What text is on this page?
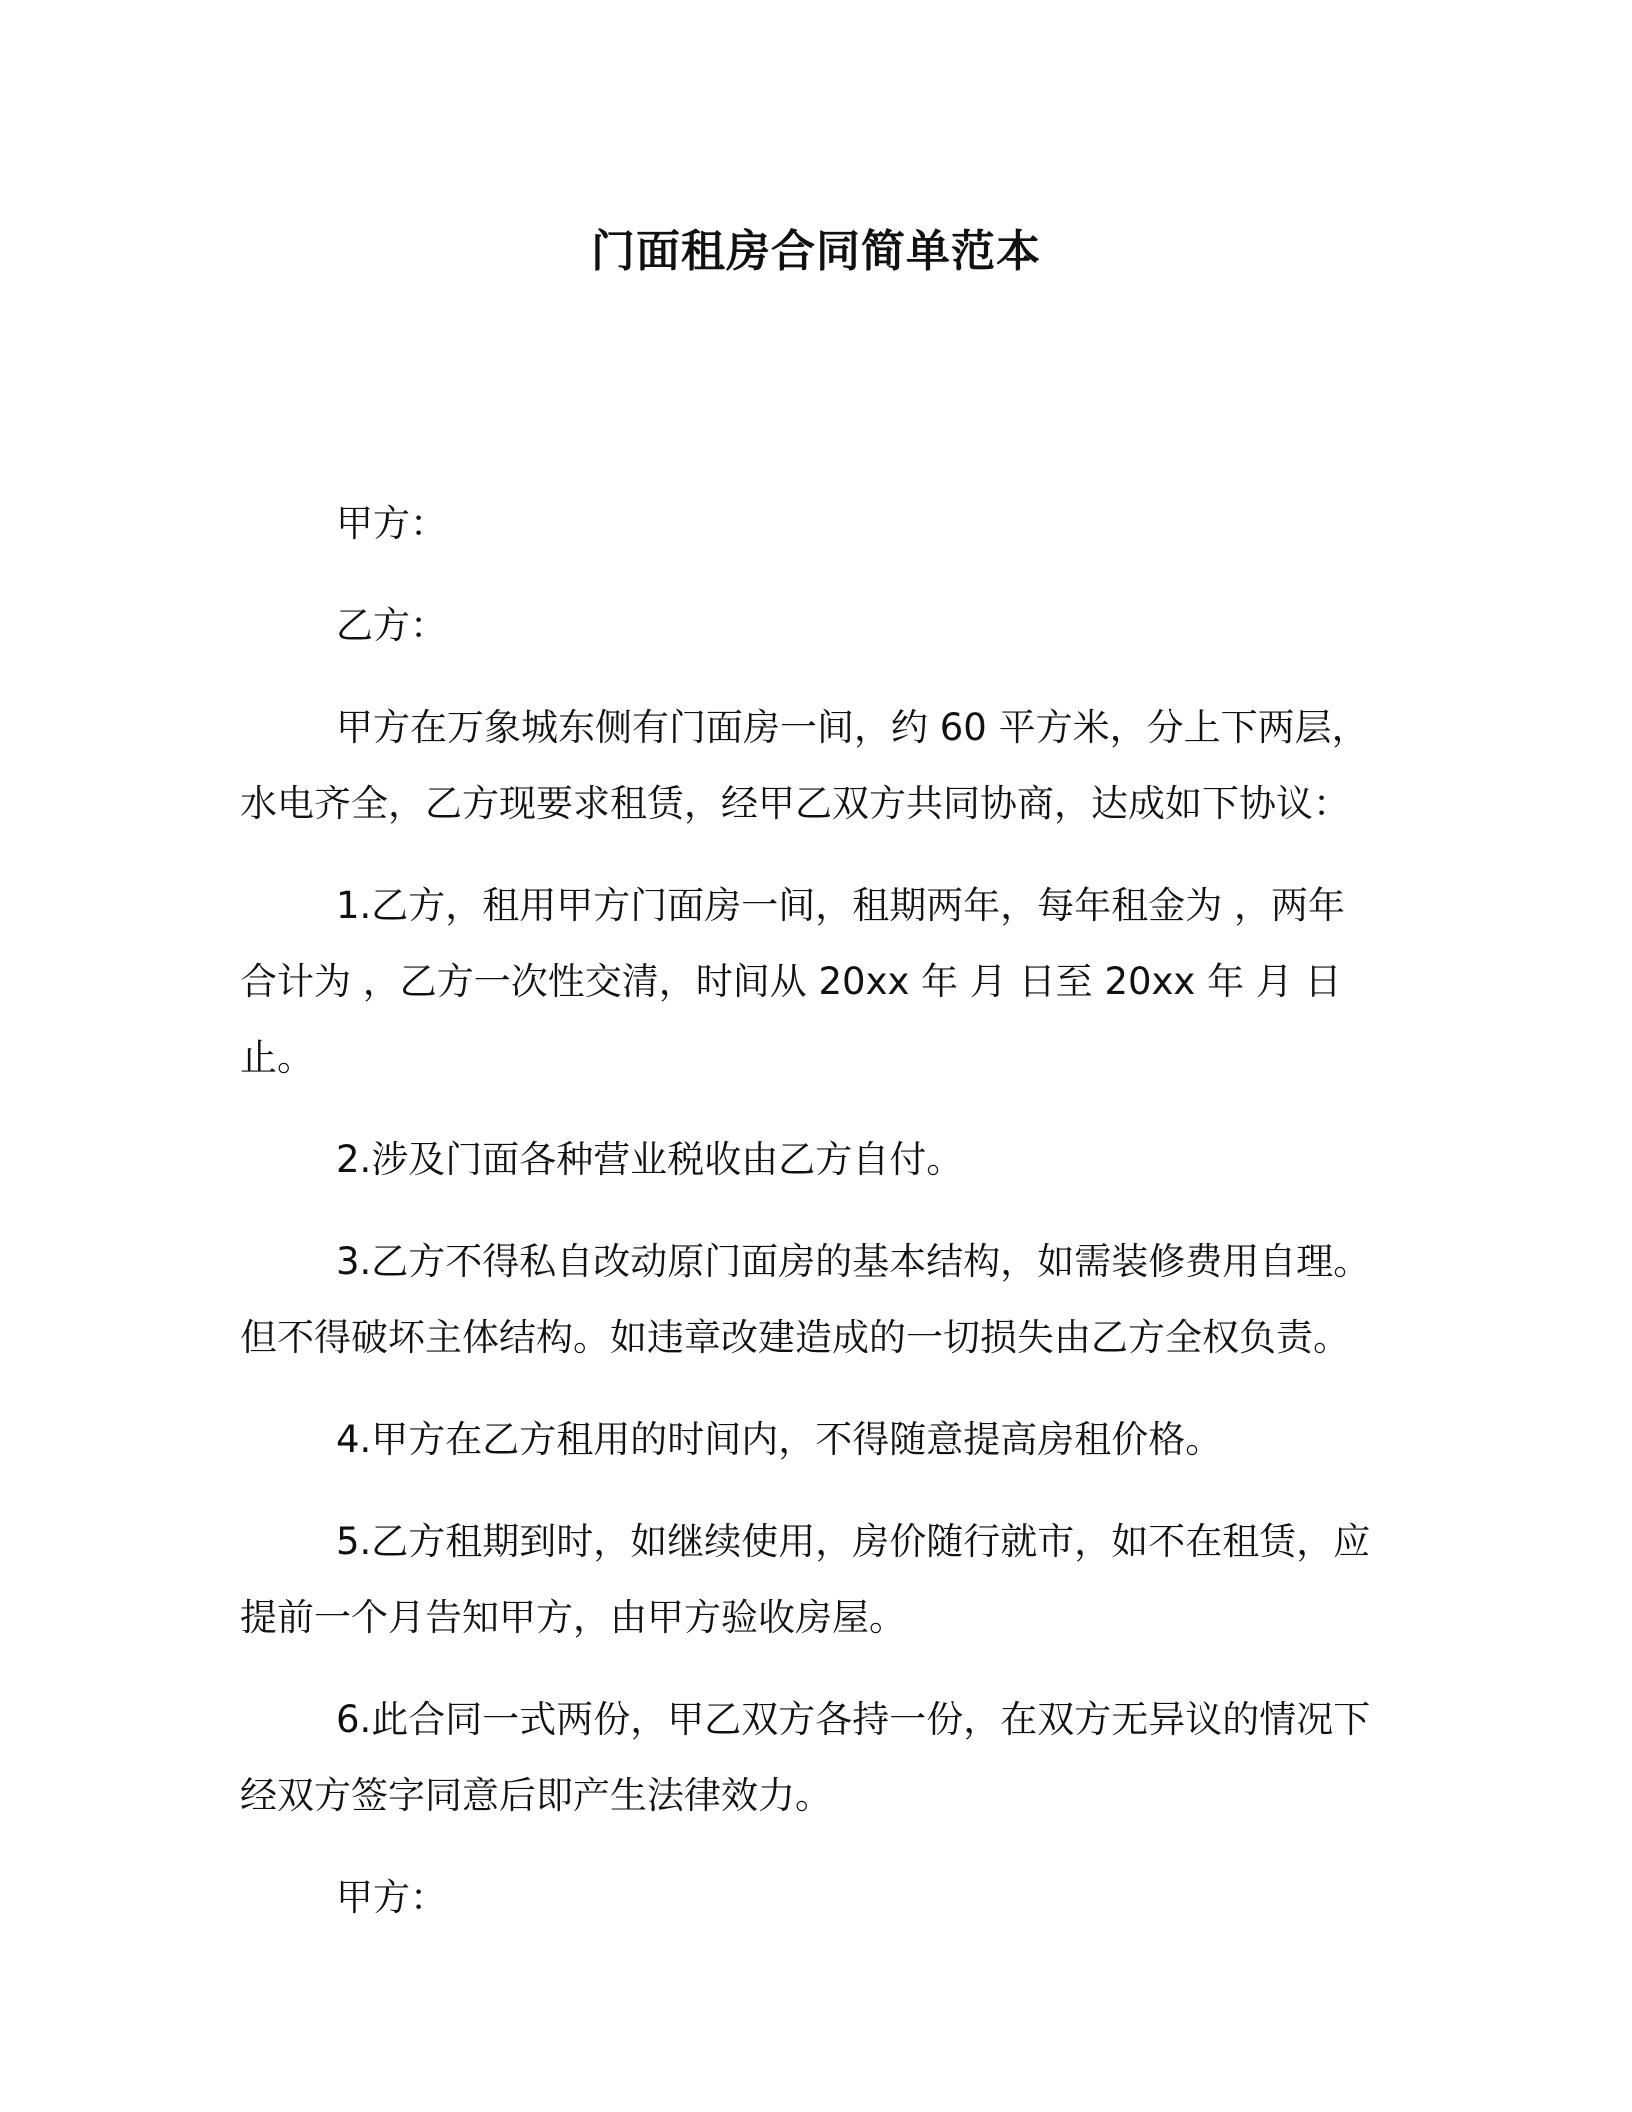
门面租房合同简单范本

甲方：

乙方：

甲方在万象城东侧有门面房一间，约 60 平方米，分上下两层，水电齐全，乙方现要求租赁，经甲乙双方共同协商，达成如下协议：

1.乙方，租用甲方门面房一间，租期两年，每年租金为 ，两年合计为 ，乙方一次性交清，时间从 20xx 年 月 日至 20xx 年 月 日止。

2.涉及门面各种营业税收由乙方自付。

3.乙方不得私自改动原门面房的基本结构，如需装修费用自理。但不得破坏主体结构。如违章改建造成的一切损失由乙方全权负责。

4.甲方在乙方租用的时间内，不得随意提高房租价格。

5.乙方租期到时，如继续使用，房价随行就市，如不在租赁，应提前一个月告知甲方，由甲方验收房屋。

6.此合同一式两份，甲乙双方各持一份，在双方无异议的情况下经双方签字同意后即产生法律效力。

甲方：
